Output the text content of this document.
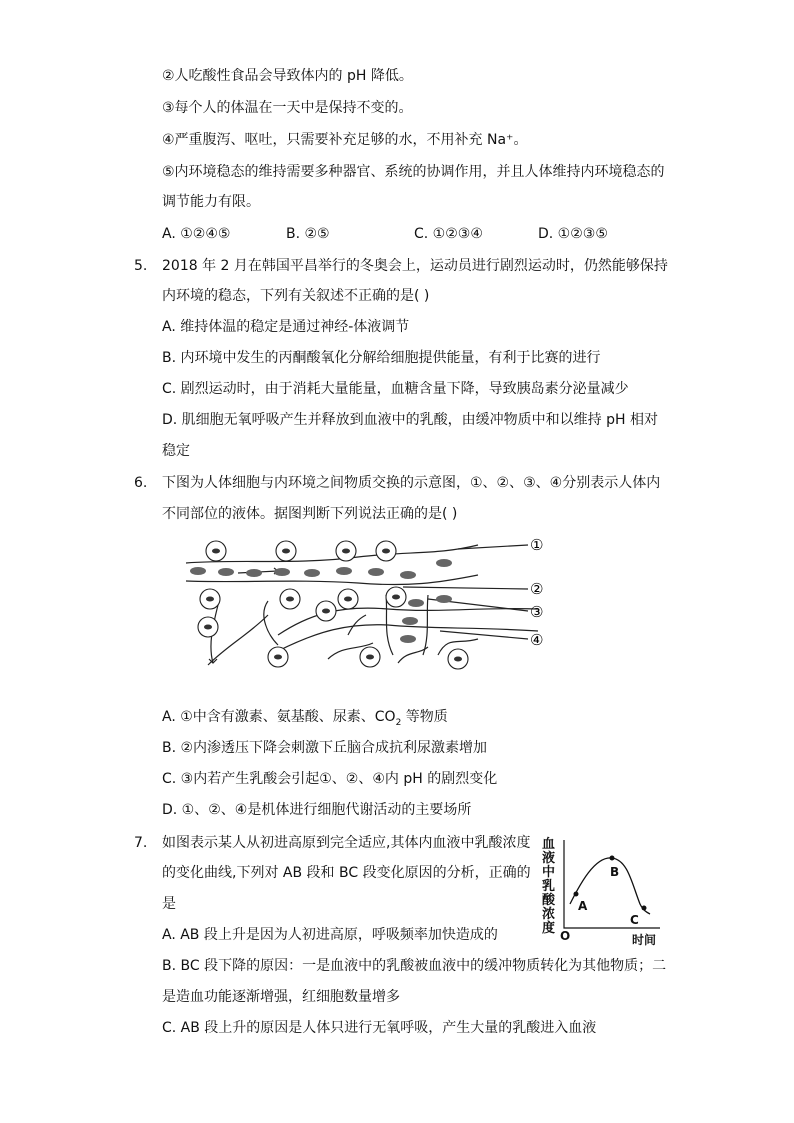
②人吃酸性食品会导致体内的 pH 降低。
③每个人的体温在一天中是保持不变的。
④严重腹泻、呕吐，只需要补充足够的水，不用补充 Na⁺。
⑤内环境稳态的维持需要多种器官、系统的协调作用，并且人体维持内环境稳态的
调节能力有限。
A. ①②④⑤	B. ②⑤	C. ①②③④	D. ①②③⑤
5. 2018 年 2 月在韩国平昌举行的冬奥会上，运动员进行剧烈运动时，仍然能够保持
内环境的稳态，下列有关叙述不正确的是( )
A. 维持体温的稳定是通过神经-体液调节
B. 内环境中发生的丙酮酸氧化分解给细胞提供能量，有利于比赛的进行
C. 剧烈运动时，由于消耗大量能量，血糖含量下降，导致胰岛素分泌量减少
D. 肌细胞无氧呼吸产生并释放到血液中的乳酸，由缓冲物质中和以维持 pH 相对
稳定
6. 下图为人体细胞与内环境之间物质交换的示意图，①、②、③、④分别表示人体内
不同部位的液体。据图判断下列说法正确的是( )
①
②
③
④
A. ①中含有激素、氨基酸、尿素、$CO_2$ 等物质
B. ②内渗透压下降会刺激下丘脑合成抗利尿激素增加
C. ③内若产生乳酸会引起①、②、④内 pH 的剧烈变化
D. ①、②、④是机体进行细胞代谢活动的主要场所
7. 如图表示某人从初进高原到完全适应,其体内血液中乳酸浓度
的变化曲线,下列对 AB 段和 BC 段变化原因的分析，正确的
是
血
液
中
乳
酸
浓
度
A
B
C
O	时间
A. AB 段上升是因为人初进高原，呼吸频率加快造成的
B. BC 段下降的原因：一是血液中的乳酸被血液中的缓冲物质转化为其他物质；二
是造血功能逐渐增强，红细胞数量增多
C. AB 段上升的原因是人体只进行无氧呼吸，产生大量的乳酸进入血液
